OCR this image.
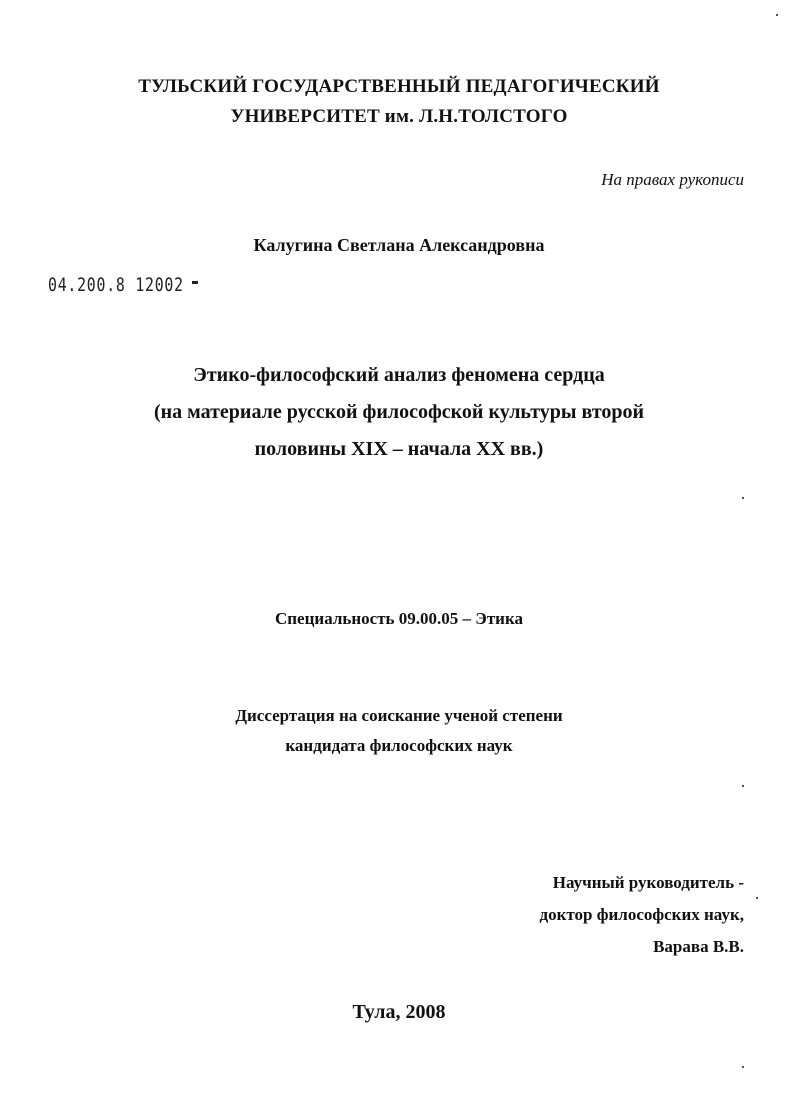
ТУЛЬСКИЙ ГОСУДАРСТВЕННЫЙ ПЕДАГОГИЧЕСКИЙ
УНИВЕРСИТЕТ им. Л.Н.ТОЛСТОГО
На правах рукописи
Калугина Светлана Александровна
04.200.8 12002
Этико-философский анализ феномена сердца
(на материале русской философской культуры второй
половины XIX – начала XX вв.)
Специальность 09.00.05 – Этика
Диссертация на соискание ученой степени
кандидата философских наук
Научный руководитель -
доктор философских наук,
Варава В.В.
Тула, 2008
